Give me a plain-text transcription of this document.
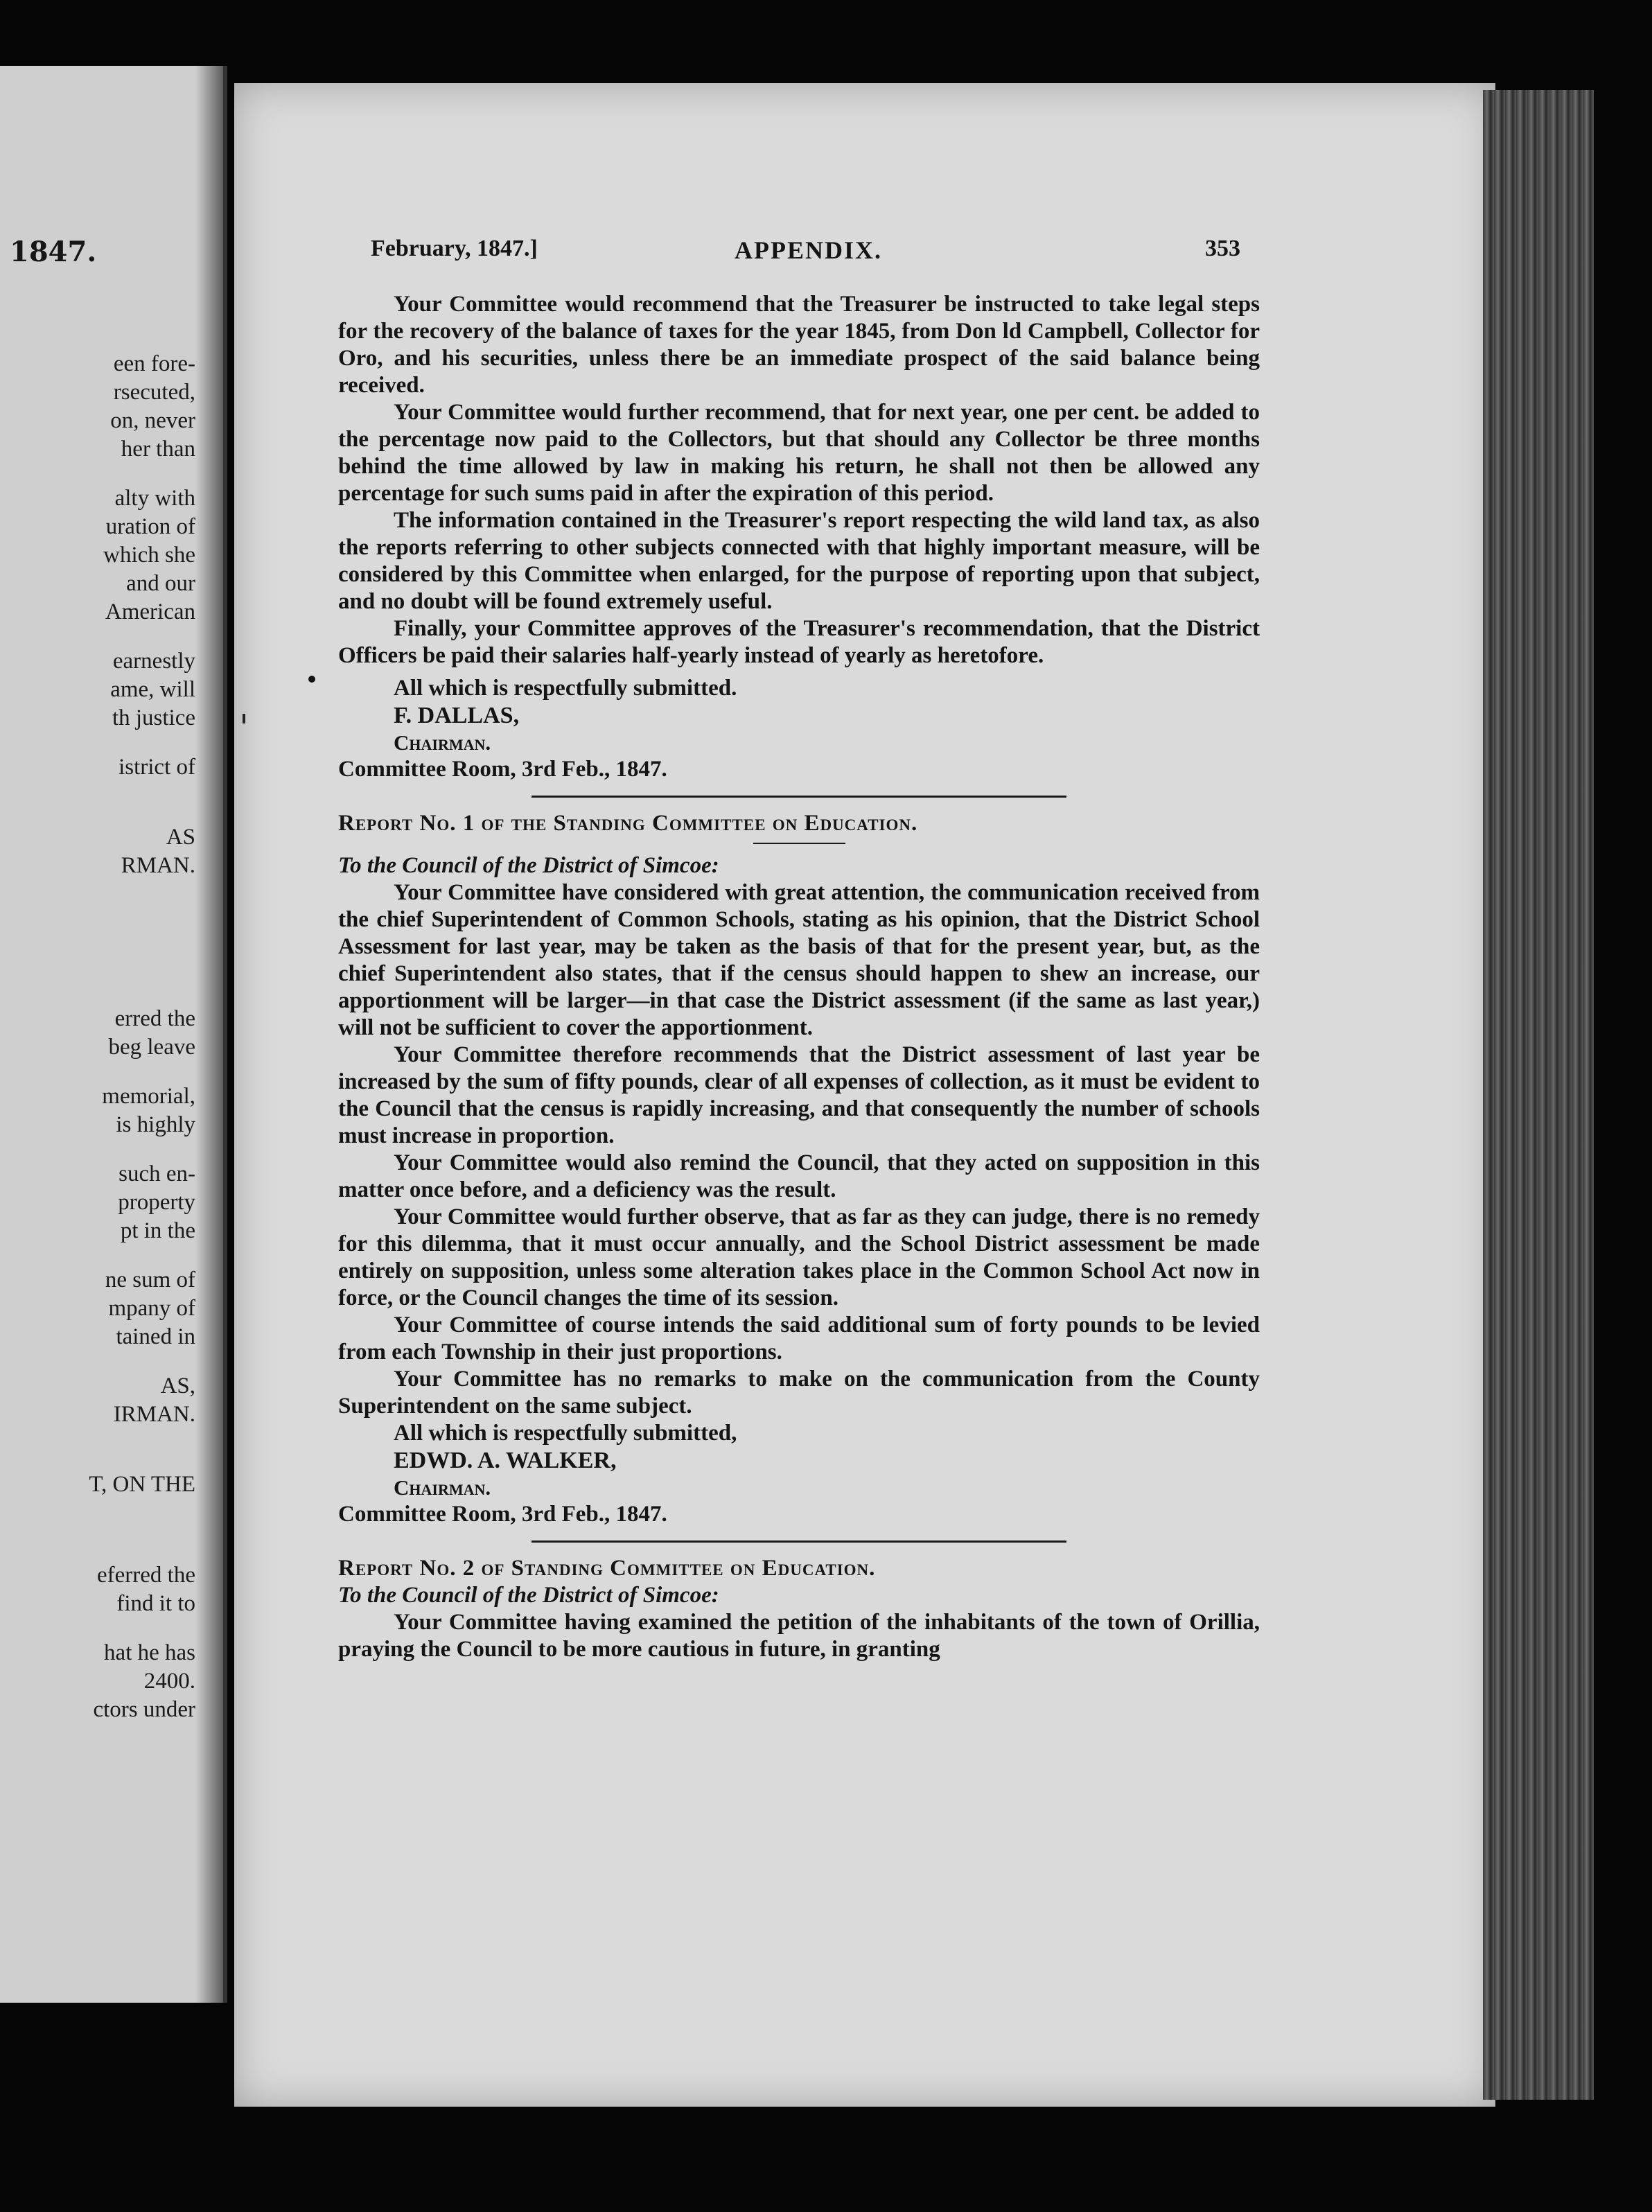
1847.

een fore-
rsecuted,
on, never
her than
alty with
uration of
which she
and our
American
earnestly
ame, will
th justice
istrict of
AS
RMAN.
erred the
beg leave
memorial,
is highly
such en-
property
pt in the
ne sum of
mpany of
tained in
AS,
IRMAN.
T, ON THE
eferred the
find it to
hat he has
2400.
ctors under
February, 1847.]	APPENDIX.	353

Your Committee would recommend that the Treasurer be instructed to take legal steps for the recovery of the balance of taxes for the year 1845, from Don ld Campbell, Collector for Oro, and his securities, unless there be an immediate prospect of the said balance being received.

Your Committee would further recommend, that for next year, one per cent. be added to the percentage now paid to the Collectors, but that should any Collector be three months behind the time allowed by law in making his return, he shall not then be allowed any percentage for such sums paid in after the expiration of this period.

The information contained in the Treasurer's report respecting the wild land tax, as also the reports referring to other subjects connected with that highly important measure, will be considered by this Committee when enlarged, for the purpose of reporting upon that subject, and no doubt will be found extremely useful.

Finally, your Committee approves of the Treasurer's recommendation, that the District Officers be paid their salaries half-yearly instead of yearly as heretofore.

All which is respectfully submitted.

F. DALLAS,

Chairman.

Committee Room, 3rd Feb., 1847.

Report No. 1 of the Standing Committee on Education.

To the Council of the District of Simcoe:

Your Committee have considered with great attention, the communication received from the chief Superintendent of Common Schools, stating as his opinion, that the District School Assessment for last year, may be taken as the basis of that for the present year, but, as the chief Superintendent also states, that if the census should happen to shew an increase, our apportionment will be larger—in that case the District assessment (if the same as last year,) will not be sufficient to cover the apportionment.

Your Committee therefore recommends that the District assessment of last year be increased by the sum of fifty pounds, clear of all expenses of collection, as it must be evident to the Council that the census is rapidly increasing, and that consequently the number of schools must increase in proportion.

Your Committee would also remind the Council, that they acted on supposition in this matter once before, and a deficiency was the result.

Your Committee would further observe, that as far as they can judge, there is no remedy for this dilemma, that it must occur annually, and the School District assessment be made entirely on supposition, unless some alteration takes place in the Common School Act now in force, or the Council changes the time of its session.

Your Committee of course intends the said additional sum of forty pounds to be levied from each Township in their just proportions.

Your Committee has no remarks to make on the communication from the County Superintendent on the same subject.

All which is respectfully submitted,

EDWD. A. WALKER,

Chairman.

Committee Room, 3rd Feb., 1847.

Report No. 2 of Standing Committee on Education.

To the Council of the District of Simcoe:

Your Committee having examined the petition of the inhabitants of the town of Orillia, praying the Council to be more cautious in future, in granting
